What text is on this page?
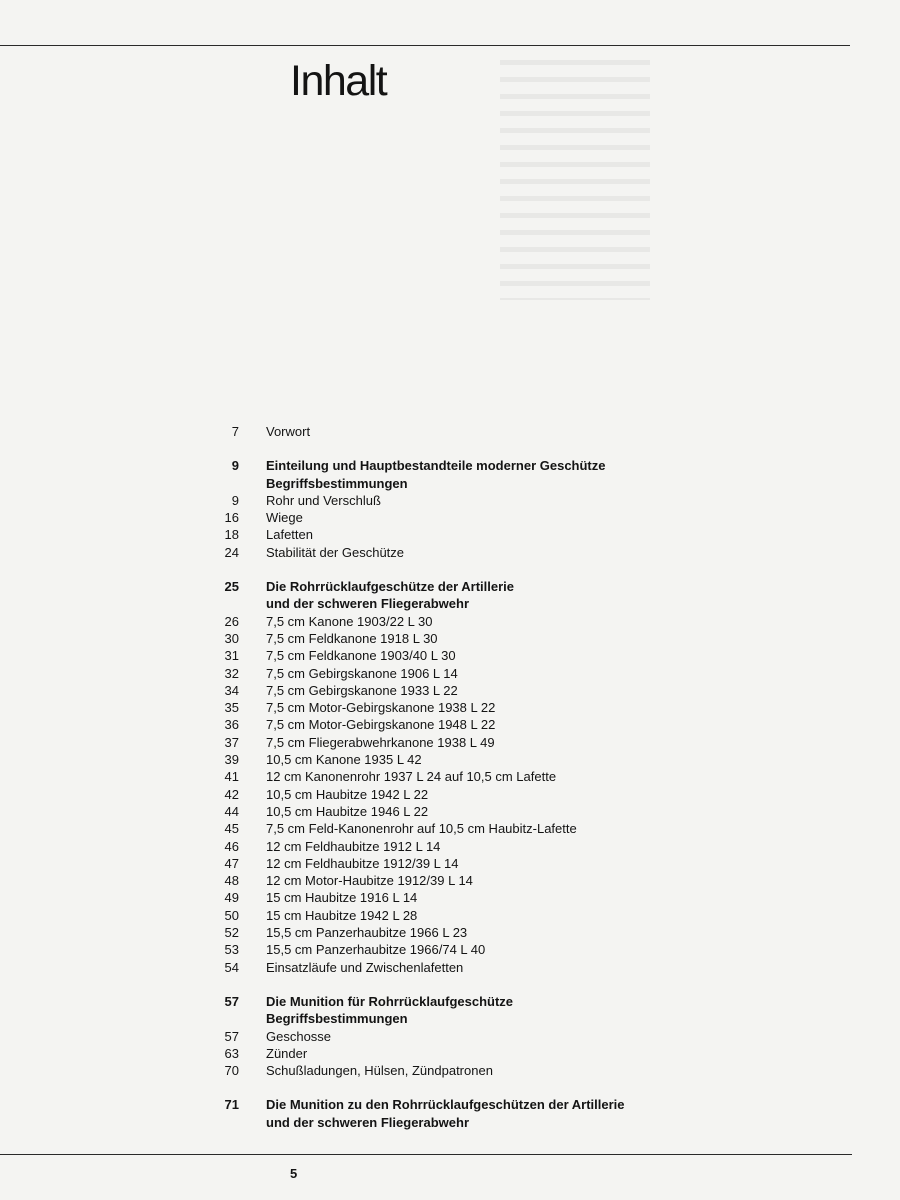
Inhalt
7	Vorwort
9	Einteilung und Hauptbestandteile moderner Geschütze
Begriffsbestimmungen
9	Rohr und Verschluß
16	Wiege
18	Lafetten
24	Stabilität der Geschütze
25	Die Rohrrücklaufgeschütze der Artillerie
und der schweren Fliegerabwehr
26	7,5 cm Kanone 1903/22 L 30
30	7,5 cm Feldkanone 1918 L 30
31	7,5 cm Feldkanone 1903/40 L 30
32	7,5 cm Gebirgskanone 1906 L 14
34	7,5 cm Gebirgskanone 1933 L 22
35	7,5 cm Motor-Gebirgskanone 1938 L 22
36	7,5 cm Motor-Gebirgskanone 1948 L 22
37	7,5 cm Fliegerabwehrkanone 1938 L 49
39	10,5 cm Kanone 1935 L 42
41	12 cm Kanonenrohr 1937 L 24 auf 10,5 cm Lafette
42	10,5 cm Haubitze 1942 L 22
44	10,5 cm Haubitze 1946 L 22
45	7,5 cm Feld-Kanonenrohr auf 10,5 cm Haubitz-Lafette
46	12 cm Feldhaubitze 1912 L 14
47	12 cm Feldhaubitze 1912/39 L 14
48	12 cm Motor-Haubitze 1912/39 L 14
49	15 cm Haubitze 1916 L 14
50	15 cm Haubitze 1942 L 28
52	15,5 cm Panzerhaubitze 1966 L 23
53	15,5 cm Panzerhaubitze 1966/74 L 40
54	Einsatzläufe und Zwischenlafetten
57	Die Munition für Rohrrücklaufgeschütze
Begriffsbestimmungen
57	Geschosse
63	Zünder
70	Schußladungen, Hülsen, Zündpatronen
71	Die Munition zu den Rohrrücklaufgeschützen der Artillerie
und der schweren Fliegerabwehr
5
